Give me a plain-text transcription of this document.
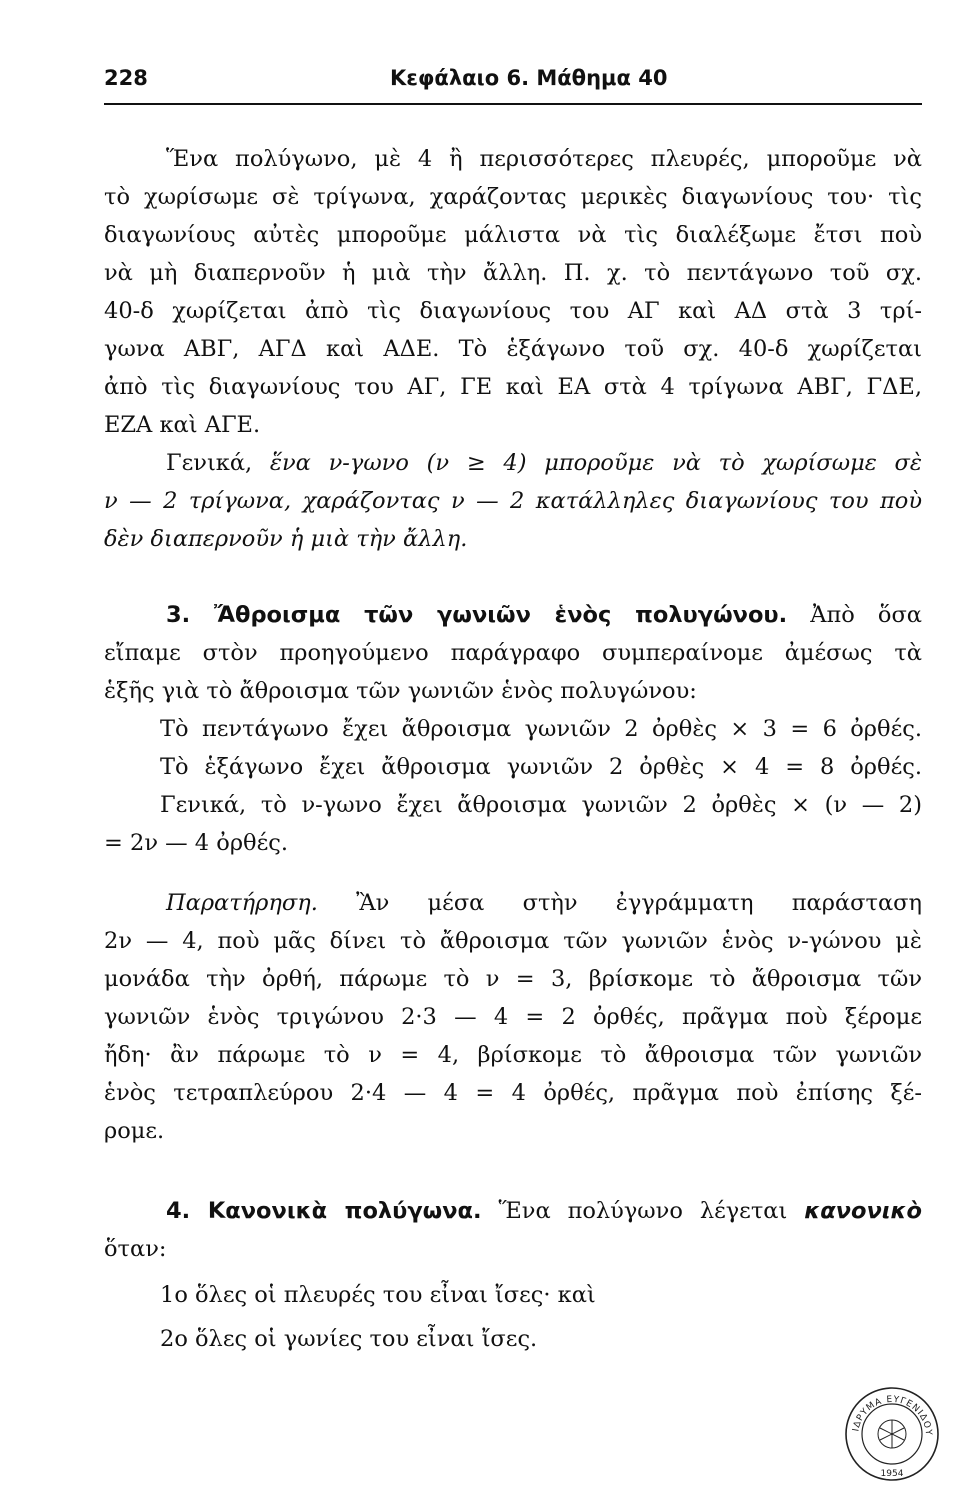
228	Κεφάλαιο 6. Μάθημα 40
Ἕνα πολύγωνο, μὲ 4 ἢ περισσότερες πλευρές, μποροῦμε νὰ
τὸ χωρίσωμε σὲ τρίγωνα, χαράζοντας μερικὲς διαγωνίους του· τὶς
διαγωνίους αὐτὲς μποροῦμε μάλιστα νὰ τὶς διαλέξωμε ἔτσι ποὺ
νὰ μὴ διαπερνοῦν ἡ μιὰ τὴν ἄλλη. Π. χ. τὸ πεντάγωνο τοῦ σχ.
40-δ χωρίζεται ἀπὸ τὶς διαγωνίους του ΑΓ καὶ ΑΔ στὰ 3 τρί-
γωνα ΑΒΓ, ΑΓΔ καὶ ΑΔΕ. Τὸ ἑξάγωνο τοῦ σχ. 40-δ χωρίζεται
ἀπὸ τὶς διαγωνίους του ΑΓ, ΓΕ καὶ ΕΑ στὰ 4 τρίγωνα ΑΒΓ, ΓΔΕ,
ΕΖΑ καὶ ΑΓΕ.
Γενικά, ἕνα ν-γωνο (ν ≥ 4) μποροῦμε νὰ τὸ χωρίσωμε σὲ
ν — 2 τρίγωνα, χαράζοντας ν — 2 κατάλληλες διαγωνίους του ποὺ
δὲν διαπερνοῦν ἡ μιὰ τὴν ἄλλη.
3. Ἄθροισμα τῶν γωνιῶν ἑνὸς πολυγώνου. Ἀπὸ ὅσα
εἴπαμε στὸν προηγούμενο παράγραφο συμπεραίνομε ἀμέσως τὰ
ἑξῆς γιὰ τὸ ἄθροισμα τῶν γωνιῶν ἑνὸς πολυγώνου:
Τὸ πεντάγωνο ἔχει ἄθροισμα γωνιῶν 2 ὀρθὲς × 3 = 6 ὀρθές.
Τὸ ἑξάγωνο ἔχει ἄθροισμα γωνιῶν 2 ὀρθὲς × 4 = 8 ὀρθές.
Γενικά, τὸ ν-γωνο ἔχει ἄθροισμα γωνιῶν 2 ὀρθὲς × (ν — 2)
= 2ν — 4 ὀρθές.
Παρατήρηση. Ἂν μέσα στὴν ἐγγράμματη παράσταση
2ν — 4, ποὺ μᾶς δίνει τὸ ἄθροισμα τῶν γωνιῶν ἑνὸς ν-γώνου μὲ
μονάδα τὴν ὀρθή, πάρωμε τὸ ν = 3, βρίσκομε τὸ ἄθροισμα τῶν
γωνιῶν ἑνὸς τριγώνου 2·3 — 4 = 2 ὀρθές, πρᾶγμα ποὺ ξέρομε
ἤδη· ἂν πάρωμε τὸ ν = 4, βρίσκομε τὸ ἄθροισμα τῶν γωνιῶν
ἑνὸς τετραπλεύρου 2·4 — 4 = 4 ὀρθές, πρᾶγμα ποὺ ἐπίσης ξέ-
ρομε.
4. Κανονικὰ πολύγωνα. Ἕνα πολύγωνο λέγεται κανονικὸ
ὅταν:
1ο ὅλες οἱ πλευρές του εἶναι ἴσες· καὶ
2ο ὅλες οἱ γωνίες του εἶναι ἴσες.
ΙΔΡΥΜΑ ΕΥΓΕΝΙΔΟΥ
1954
